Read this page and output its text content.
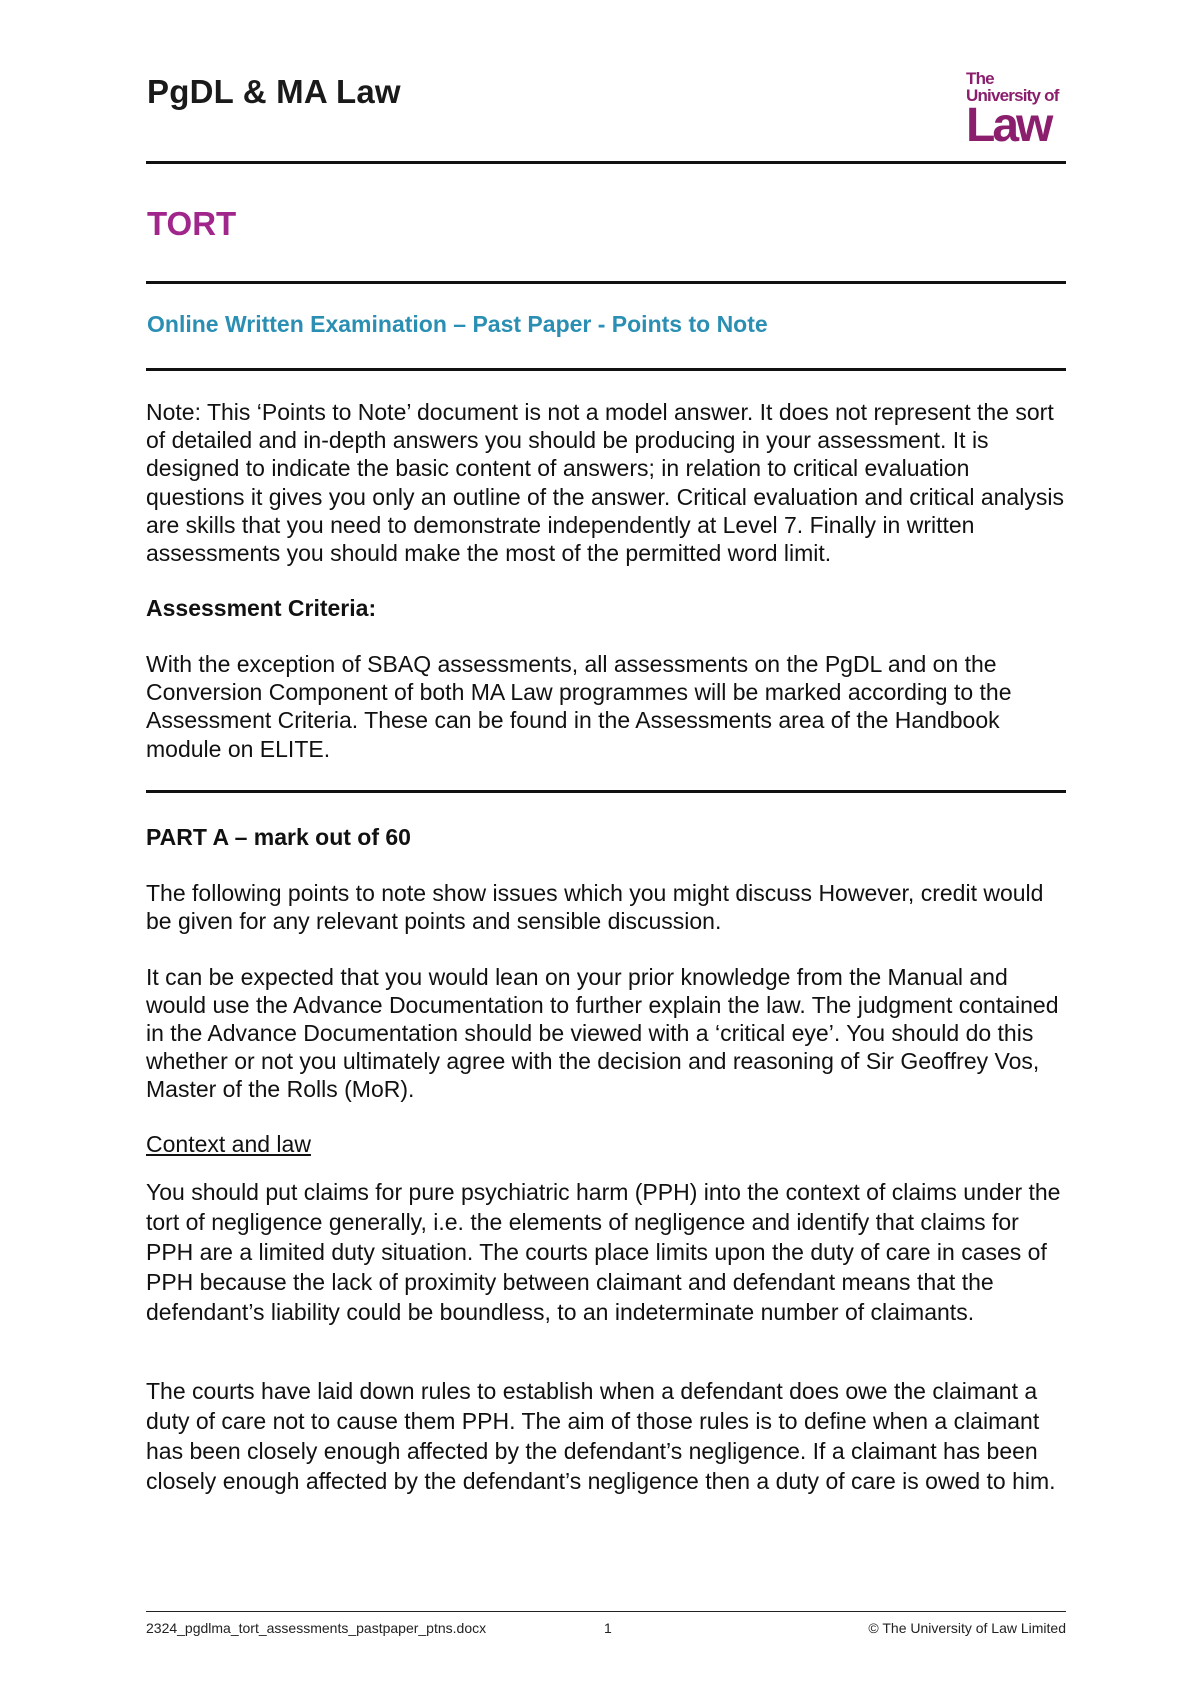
PgDL & MA Law	The
University of
Law
TORT
Online Written Examination – Past Paper - Points to Note

Note: This ‘Points to Note’ document is not a model answer. It does not represent the sort of detailed and in-depth answers you should be producing in your assessment. It is designed to indicate the basic content of answers; in relation to critical evaluation questions it gives you only an outline of the answer. Critical evaluation and critical analysis are skills that you need to demonstrate independently at Level 7. Finally in written assessments you should make the most of the permitted word limit.

Assessment Criteria:

With the exception of SBAQ assessments, all assessments on the PgDL and on the Conversion Component of both MA Law programmes will be marked according to the Assessment Criteria. These can be found in the Assessments area of the Handbook module on ELITE.

PART A – mark out of 60

The following points to note show issues which you might discuss However, credit would be given for any relevant points and sensible discussion.

It can be expected that you would lean on your prior knowledge from the Manual and would use the Advance Documentation to further explain the law. The judgment contained in the Advance Documentation should be viewed with a ‘critical eye’. You should do this whether or not you ultimately agree with the decision and reasoning of Sir Geoffrey Vos, Master of the Rolls (MoR).

Context and law

You should put claims for pure psychiatric harm (PPH) into the context of claims under the tort of negligence generally, i.e. the elements of negligence and identify that claims for PPH are a limited duty situation. The courts place limits upon the duty of care in cases of PPH because the lack of proximity between claimant and defendant means that the defendant’s liability could be boundless, to an indeterminate number of claimants.

The courts have laid down rules to establish when a defendant does owe the claimant a duty of care not to cause them PPH. The aim of those rules is to define when a claimant has been closely enough affected by the defendant’s negligence. If a claimant has been closely enough affected by the defendant’s negligence then a duty of care is owed to him.

2324_pgdlma_tort_assessments_pastpaper_ptns.docx	1	© The University of Law Limited
